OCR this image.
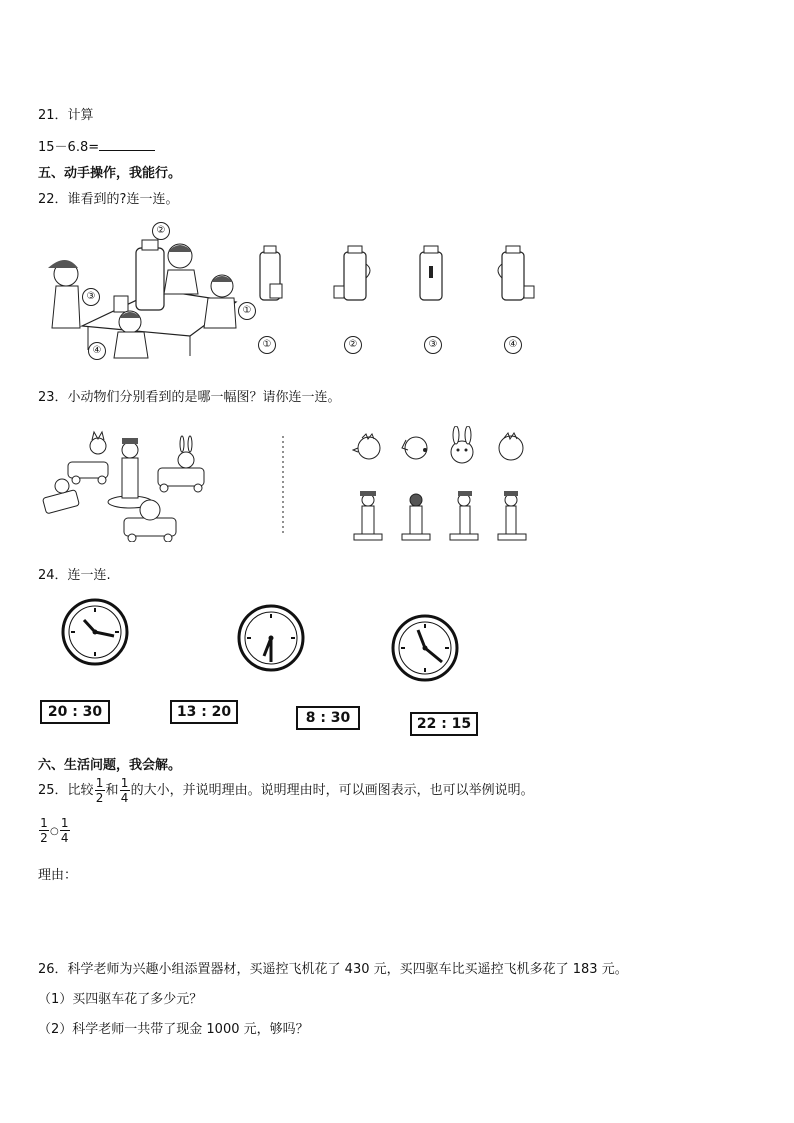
21．计算
15－6.8=
五、动手操作，我能行。
22．谁看到的?连一连。
②
③
①
④
①	②	③	④
23．小动物们分别看到的是哪一幅图？请你连一连。
24．连一连.
20 : 30	13 : 20	8 : 30	22 : 15
六、生活问题，我会解。
25．比较 $\frac{1}{2}$ 和 $\frac{1}{4}$ 的大小，并说明理由。说明理由时，可以画图表示，也可以举例说明。
$\frac{1}{2}$ ○ $\frac{1}{4}$
理由：
26．科学老师为兴趣小组添置器材，买遥控飞机花了 430 元，买四驱车比买遥控飞机多花了 183 元。
（1）买四驱车花了多少元？
（2）科学老师一共带了现金 1000 元，够吗？
